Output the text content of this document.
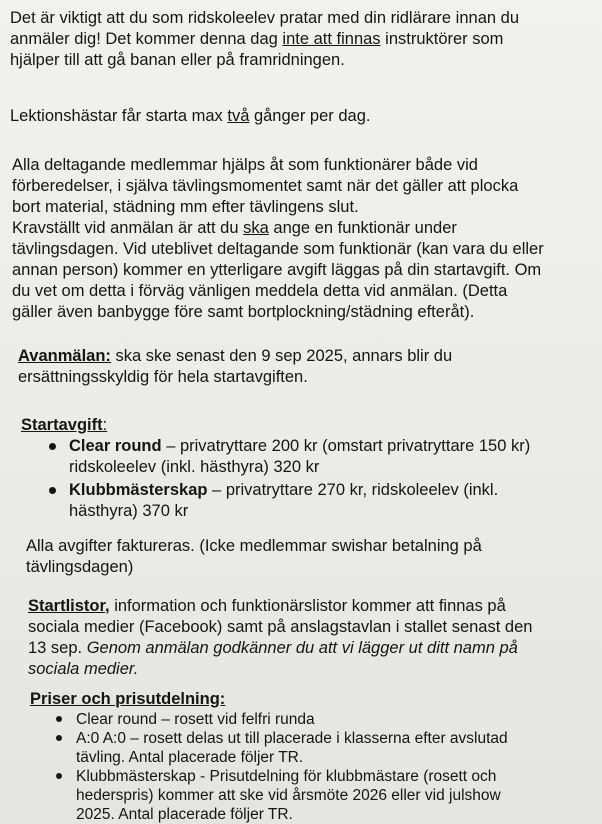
Det är viktigt att du som ridskoleelev pratar med din ridlärare innan du
anmäler dig! Det kommer denna dag inte att finnas instruktörer som
hjälper till att gå banan eller på framridningen.
Lektionshästar får starta max två gånger per dag.
Alla deltagande medlemmar hjälps åt som funktionärer både vid
förberedelser, i själva tävlingsmomentet samt när det gäller att plocka
bort material, städning mm efter tävlingens slut.
Kravställt vid anmälan är att du ska ange en funktionär under
tävlingsdagen. Vid uteblivet deltagande som funktionär (kan vara du eller
annan person) kommer en ytterligare avgift läggas på din startavgift. Om
du vet om detta i förväg vänligen meddela detta vid anmälan. (Detta
gäller även banbygge före samt bortplockning/städning efteråt).
Avanmälan: ska ske senast den 9 sep 2025, annars blir du
ersättningsskyldig för hela startavgiften.
Startavgift:
Clear round – privatryttare 200 kr (omstart privatryttare 150 kr)
ridskoleelev (inkl. hästhyra) 320 kr
Klubbmästerskap – privatryttare 270 kr, ridskoleelev (inkl.
hästhyra) 370 kr
Alla avgifter faktureras. (Icke medlemmar swishar betalning på
tävlingsdagen)
Startlistor, information och funktionärslistor kommer att finnas på
sociala medier (Facebook) samt på anslagstavlan i stallet senast den
13 sep. Genom anmälan godkänner du att vi lägger ut ditt namn på
sociala medier.
Priser och prisutdelning:
Clear round – rosett vid felfri runda
A:0 A:0 – rosett delas ut till placerade i klasserna efter avslutad
tävling. Antal placerade följer TR.
Klubbmästerskap - Prisutdelning för klubbmästare (rosett och
hederspris) kommer att ske vid årsmöte 2026 eller vid julshow
2025. Antal placerade följer TR.
